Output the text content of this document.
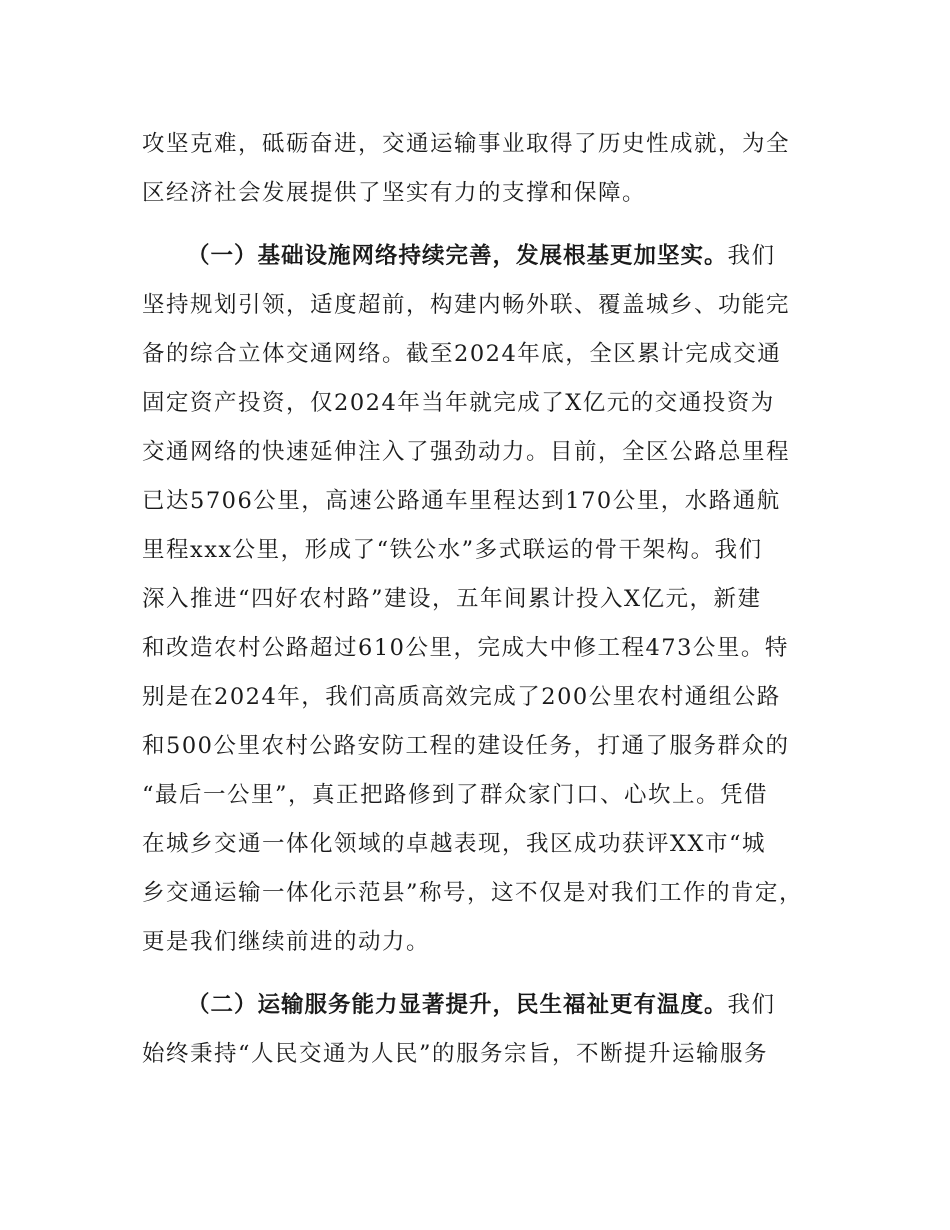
攻坚克难，砥砺奋进，交通运输事业取得了历史性成就，为全
区经济社会发展提供了坚实有力的支撑和保障。
（一）基础设施网络持续完善，发展根基更加坚实。我们
坚持规划引领，适度超前，构建内畅外联、覆盖城乡、功能完
备的综合立体交通网络。截至2024年底，全区累计完成交通
固定资产投资，仅2024年当年就完成了X亿元的交通投资为
交通网络的快速延伸注入了强劲动力。目前，全区公路总里程
已达5706公里，高速公路通车里程达到170公里，水路通航
里程xxx公里，形成了“铁公水”多式联运的骨干架构。我们
深入推进“四好农村路”建设，五年间累计投入X亿元，新建
和改造农村公路超过610公里，完成大中修工程473公里。特
别是在2024年，我们高质高效完成了200公里农村通组公路
和500公里农村公路安防工程的建设任务，打通了服务群众的
“最后一公里”，真正把路修到了群众家门口、心坎上。凭借
在城乡交通一体化领域的卓越表现，我区成功获评XX市“城
乡交通运输一体化示范县”称号，这不仅是对我们工作的肯定，
更是我们继续前进的动力。
（二）运输服务能力显著提升，民生福祉更有温度。我们
始终秉持“人民交通为人民”的服务宗旨，不断提升运输服务
